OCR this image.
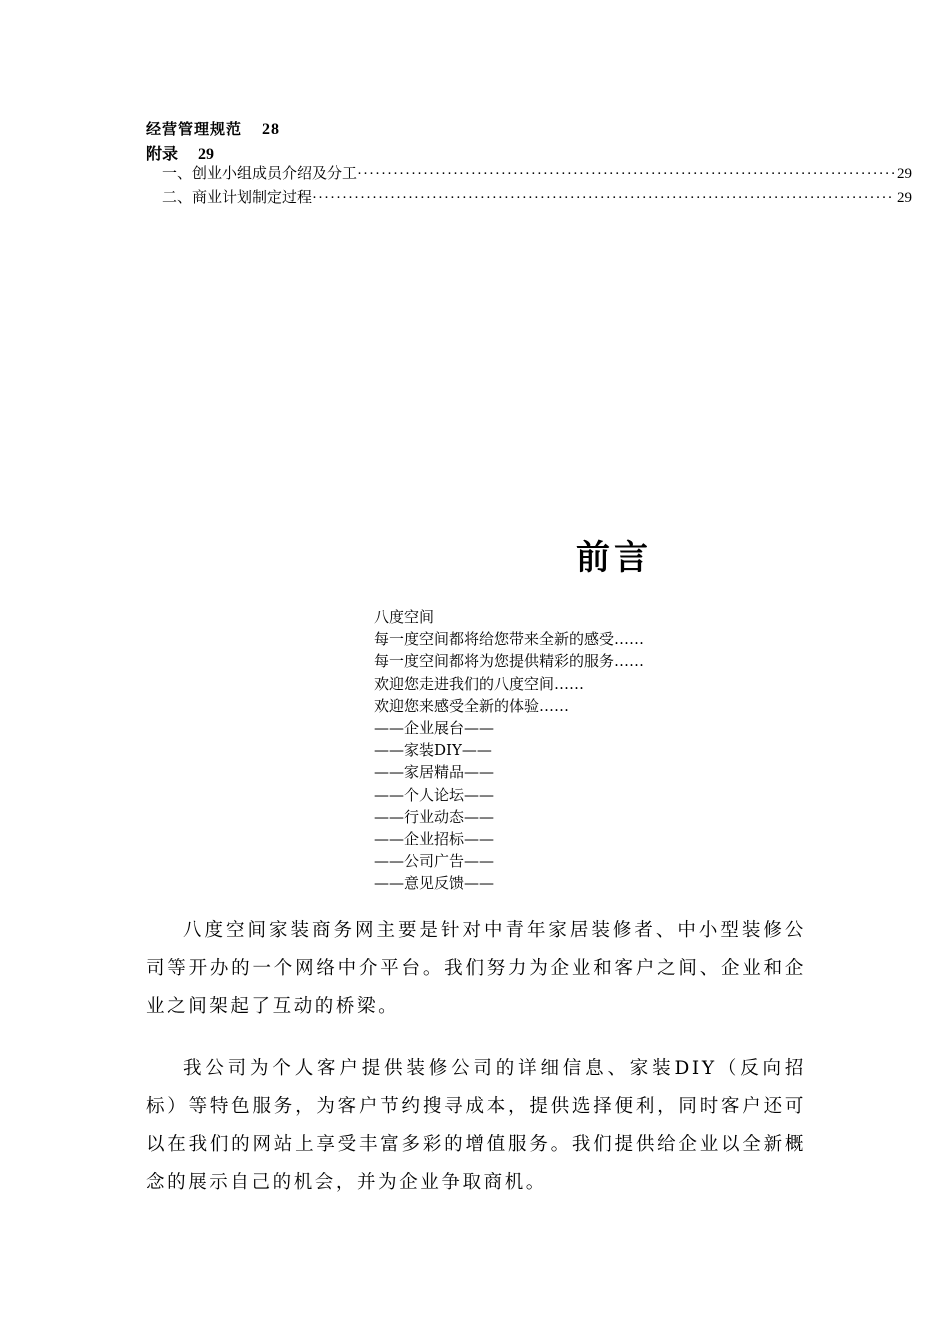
经营管理规范 28
附录 29
一、创业小组成员介绍及分工 ·····	29
二、商业计划制定过程 ·····	29
前言
八度空间
每一度空间都将给您带来全新的感受……
每一度空间都将为您提供精彩的服务……
欢迎您走进我们的八度空间……
欢迎您来感受全新的体验……
——企业展台——
——家装DIY——
——家居精品——
——个人论坛——
——行业动态——
——企业招标——
——公司广告——
——意见反馈——

八度空间家装商务网主要是针对中青年家居装修者、中小型装修公司等开办的一个网络中介平台。我们努力为企业和客户之间、企业和企业之间架起了互动的桥梁。

我公司为个人客户提供装修公司的详细信息、家装DIY（反向招标）等特色服务，为客户节约搜寻成本，提供选择便利，同时客户还可以在我们的网站上享受丰富多彩的增值服务。我们提供给企业以全新概念的展示自己的机会，并为企业争取商机。
